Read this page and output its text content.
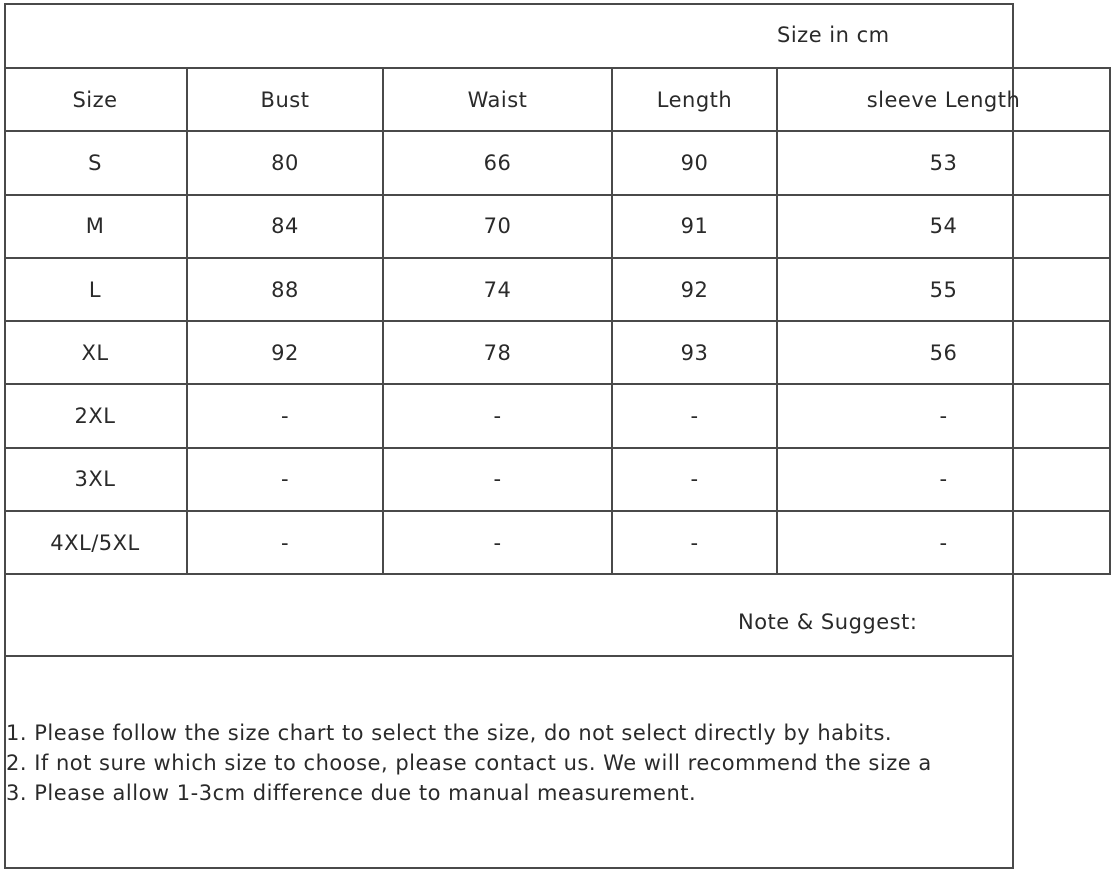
Size in cm
Size	Bust	Waist	Length	sleeve Length
S	80	66	90	53
M	84	70	91	54
L	88	74	92	55
XL	92	78	93	56
2XL	-	-	-	-
3XL	-	-	-	-
4XL/5XL	-	-	-	-
Note & Suggest:
1. Please follow the size chart to select the size, do not select directly by habits.
2. If not sure which size to choose, please contact us. We will recommend the size a
3. Please allow 1-3cm difference due to manual measurement.
